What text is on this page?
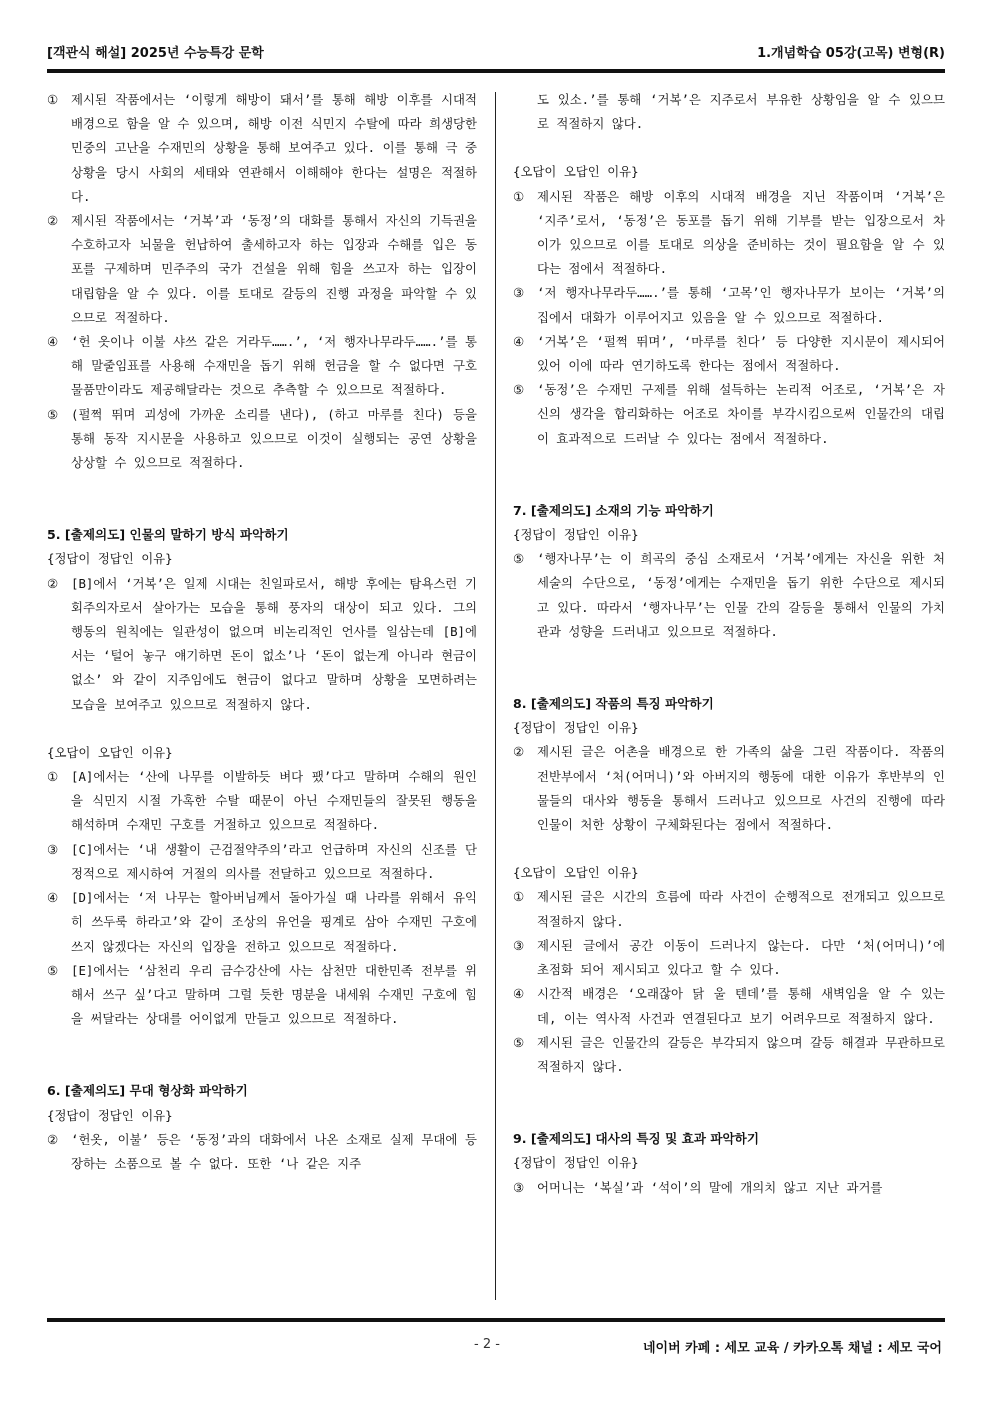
[객관식 해설] 2025년 수능특강 문학	1.개념학습 05강(고목) 변형(R)
①	제시된 작품에서는 ‘이렇게 해방이 돼서’를 통해 해방 이후를 시대적 배경으로 함을 알 수 있으며, 해방 이전 식민지 수탈에 따라 희생당한 민중의 고난을 수재민의 상황을 통해 보여주고 있다. 이를 통해 극 중 상황을 당시 사회의 세태와 연관해서 이해해야 한다는 설명은 적절하다.
②	제시된 작품에서는 ‘거복’과 ‘동정’의 대화를 통해서 자신의 기득권을 수호하고자 뇌물을 헌납하여 출세하고자 하는 입장과 수해를 입은 동포를 구제하며 민주주의 국가 건설을 위해 힘을 쓰고자 하는 입장이 대립함을 알 수 있다. 이를 토대로 갈등의 진행 과정을 파악할 수 있으므로 적절하다.
④	‘헌 옷이나 이불 샤쓰 같은 거라두…….’, ‘저 행자나무라두…….’를 통해 말줄임표를 사용해 수재민을 돕기 위해 헌금을 할 수 없다면 구호 물품만이라도 제공해달라는 것으로 추측할 수 있으므로 적절하다.
⑤	(펄쩍 뛰며 괴성에 가까운 소리를 낸다), (하고 마루를 친다) 등을 통해 동작 지시문을 사용하고 있으므로 이것이 실행되는 공연 상황을 상상할 수 있으므로 적절하다.
5. [출제의도] 인물의 말하기 방식 파악하기
{정답이 정답인 이유}
②	[B]에서 ‘거복’은 일제 시대는 친일파로서, 해방 후에는 탐욕스런 기회주의자로서 살아가는 모습을 통해 풍자의 대상이 되고 있다. 그의 행동의 원칙에는 일관성이 없으며 비논리적인 언사를 일삼는데 [B]에서는 ‘털어 놓구 얘기하면 돈이 없소’나 ‘돈이 없는게 아니라 현금이 없소’ 와 같이 지주임에도 현금이 없다고 말하며 상황을 모면하려는 모습을 보여주고 있으므로 적절하지 않다.
{오답이 오답인 이유}
①	[A]에서는 ‘산에 나무를 이발하듯 벼다 팼’다고 말하며 수해의 원인을 식민지 시절 가혹한 수탈 때문이 아닌 수재민들의 잘못된 행동을 해석하며 수재민 구호를 거절하고 있으므로 적절하다.
③	[C]에서는 ‘내 생활이 근검절약주의’라고 언급하며 자신의 신조를 단정적으로 제시하여 거절의 의사를 전달하고 있으므로 적절하다.
④	[D]에서는 ‘저 나무는 할아버님께서 돌아가실 때 나라를 위해서 유익히 쓰두룩 하라고’와 같이 조상의 유언을 핑계로 삼아 수재민 구호에 쓰지 않겠다는 자신의 입장을 전하고 있으므로 적절하다.
⑤	[E]에서는 ‘삼천리 우리 금수강산에 사는 삼천만 대한민족 전부를 위해서 쓰구 싶’다고 말하며 그럴 듯한 명분을 내세워 수재민 구호에 힘을 써달라는 상대를 어이없게 만들고 있으므로 적절하다.
6. [출제의도] 무대 형상화 파악하기
{정답이 정답인 이유}
②	‘헌옷, 이불’ 등은 ‘동정’과의 대화에서 나온 소재로 실제 무대에 등장하는 소품으로 볼 수 없다. 또한 ‘나 같은 지주
도 있소.’를 통해 ‘거복’은 지주로서 부유한 상황임을 알 수 있으므로 적절하지 않다.
{오답이 오답인 이유}
①	제시된 작품은 해방 이후의 시대적 배경을 지닌 작품이며 ‘거복’은 ‘지주’로서, ‘동정’은 동포를 돕기 위해 기부를 받는 입장으로서 차이가 있으므로 이를 토대로 의상을 준비하는 것이 필요함을 알 수 있다는 점에서 적절하다.
③	‘저 행자나무라두…….’를 통해 ‘고목’인 행자나무가 보이는 ‘거복’의 집에서 대화가 이루어지고 있음을 알 수 있으므로 적절하다.
④	‘거복’은 ‘펄쩍 뛰며’, ‘마루를 친다’ 등 다양한 지시문이 제시되어 있어 이에 따라 연기하도록 한다는 점에서 적절하다.
⑤	‘동정’은 수재민 구제를 위해 설득하는 논리적 어조로, ‘거복’은 자신의 생각을 합리화하는 어조로 차이를 부각시킴으로써 인물간의 대립이 효과적으로 드러날 수 있다는 점에서 적절하다.
7. [출제의도] 소재의 기능 파악하기
{정답이 정답인 이유}
⑤	‘행자나무’는 이 희곡의 중심 소재로서 ‘거복’에게는 자신을 위한 처세술의 수단으로, ‘동정’에게는 수재민을 돕기 위한 수단으로 제시되고 있다. 따라서 ‘행자나무’는 인물 간의 갈등을 통해서 인물의 가치관과 성향을 드러내고 있으므로 적절하다.
8. [출제의도] 작품의 특징 파악하기
{정답이 정답인 이유}
②	제시된 글은 어촌을 배경으로 한 가족의 삶을 그린 작품이다. 작품의 전반부에서 ‘처(어머니)’와 아버지의 행동에 대한 이유가 후반부의 인물들의 대사와 행동을 통해서 드러나고 있으므로 사건의 진행에 따라 인물이 처한 상황이 구체화된다는 점에서 적절하다.
{오답이 오답인 이유}
①	제시된 글은 시간의 흐름에 따라 사건이 순행적으로 전개되고 있으므로 적절하지 않다.
③	제시된 글에서 공간 이동이 드러나지 않는다. 다만 ‘처(어머니)’에 초점화 되어 제시되고 있다고 할 수 있다.
④	시간적 배경은 ‘오래잖아 닭 울 텐데’를 통해 새벽임을 알 수 있는데, 이는 역사적 사건과 연결된다고 보기 어려우므로 적절하지 않다.
⑤	제시된 글은 인물간의 갈등은 부각되지 않으며 갈등 해결과 무관하므로 적절하지 않다.
9. [출제의도] 대사의 특징 및 효과 파악하기
{정답이 정답인 이유}
③	어머니는 ‘복실’과 ‘석이’의 말에 개의치 않고 지난 과거를
- 2 -	네이버 카페 : 세모 교육 / 카카오톡 채널 : 세모 국어
